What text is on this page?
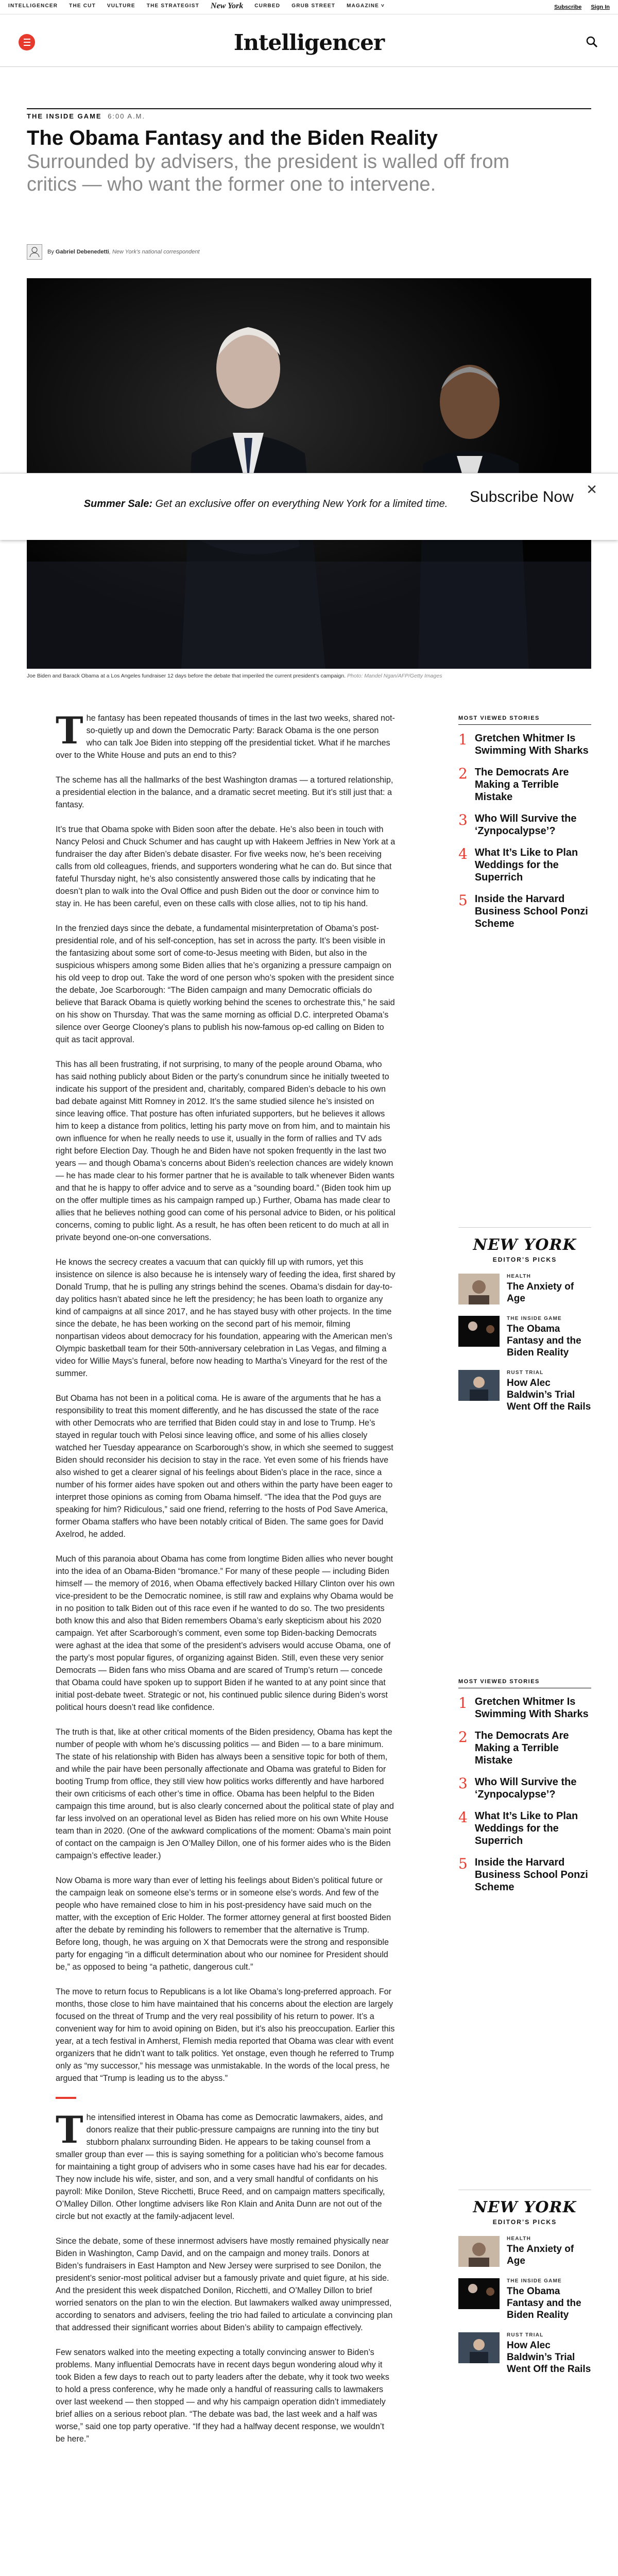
INTELLIGENCER THE CUT VULTURE THE STRATEGIST New York CURBED GRUB STREET MAGAZINE ˅	Subscribe Sign In
Intelligencer
THE INSIDE GAME 6:00 A.M.
The Obama Fantasy and the Biden Reality
Surrounded by advisers, the president is walled off from critics — who want the former one to intervene.
By Gabriel Debenedetti, New York’s national correspondent
Summer Sale: Get an exclusive offer on everything New York for a limited time.	Subscribe Now ✕
Joe Biden and Barack Obama at a Los Angeles fundraiser 12 days before the debate that imperiled the current president’s campaign. Photo: Mandel Ngan/AFP/Getty Images

The fantasy has been repeated thousands of times in the last two weeks, shared not-so-quietly up and down the Democratic Party: Barack Obama is the one person who can talk Joe Biden into stepping off the presidential ticket. What if he marches over to the White House and puts an end to this?

The scheme has all the hallmarks of the best Washington dramas — a tortured relationship, a presidential election in the balance, and a dramatic secret meeting. But it’s still just that: a fantasy.

It’s true that Obama spoke with Biden soon after the debate. He’s also been in touch with Nancy Pelosi and Chuck Schumer and has caught up with Hakeem Jeffries in New York at a fundraiser the day after Biden’s debate disaster. For five weeks now, he’s been receiving calls from old colleagues, friends, and supporters wondering what he can do. But since that fateful Thursday night, he’s also consistently answered those calls by indicating that he doesn’t plan to walk into the Oval Office and push Biden out the door or convince him to stay in. He has been careful, even on these calls with close allies, not to tip his hand.

In the frenzied days since the debate, a fundamental misinterpretation of Obama’s post-presidential role, and of his self-conception, has set in across the party. It’s been visible in the fantasizing about some sort of come-to-Jesus meeting with Biden, but also in the suspicious whispers among some Biden allies that he’s organizing a pressure campaign on his old veep to drop out. Take the word of one person who’s spoken with the president since the debate, Joe Scarborough: “The Biden campaign and many Democratic officials do believe that Barack Obama is quietly working behind the scenes to orchestrate this,” he said on his show on Thursday. That was the same morning as official D.C. interpreted Obama’s silence over George Clooney’s plans to publish his now-famous op-ed calling on Biden to quit as tacit approval.

This has all been frustrating, if not surprising, to many of the people around Obama, who has said nothing publicly about Biden or the party’s conundrum since he initially tweeted to indicate his support of the president and, charitably, compared Biden’s debacle to his own bad debate against Mitt Romney in 2012. It’s the same studied silence he’s insisted on since leaving office. That posture has often infuriated supporters, but he believes it allows him to keep a distance from politics, letting his party move on from him, and to maintain his own influence for when he really needs to use it, usually in the form of rallies and TV ads right before Election Day. Though he and Biden have not spoken frequently in the last two years — and though Obama’s concerns about Biden’s reelection chances are widely known — he has made clear to his former partner that he is available to talk whenever Biden wants and that he is happy to offer advice and to serve as a “sounding board.” (Biden took him up on the offer multiple times as his campaign ramped up.) Further, Obama has made clear to allies that he believes nothing good can come of his personal advice to Biden, or his political concerns, coming to public light. As a result, he has often been reticent to do much at all in private beyond one-on-one conversations.

He knows the secrecy creates a vacuum that can quickly fill up with rumors, yet this insistence on silence is also because he is intensely wary of feeding the idea, first shared by Donald Trump, that he is pulling any strings behind the scenes. Obama’s disdain for day-to-day politics hasn’t abated since he left the presidency; he has been loath to organize any kind of campaigns at all since 2017, and he has stayed busy with other projects. In the time since the debate, he has been working on the second part of his memoir, filming nonpartisan videos about democracy for his foundation, appearing with the American men’s Olympic basketball team for their 50th-anniversary celebration in Las Vegas, and filming a video for Willie Mays’s funeral, before now heading to Martha’s Vineyard for the rest of the summer.

But Obama has not been in a political coma. He is aware of the arguments that he has a responsibility to treat this moment differently, and he has discussed the state of the race with other Democrats who are terrified that Biden could stay in and lose to Trump. He’s stayed in regular touch with Pelosi since leaving office, and some of his allies closely watched her Tuesday appearance on Scarborough’s show, in which she seemed to suggest Biden should reconsider his decision to stay in the race. Yet even some of his friends have also wished to get a clearer signal of his feelings about Biden’s place in the race, since a number of his former aides have spoken out and others within the party have been eager to interpret those opinions as coming from Obama himself. “The idea that the Pod guys are speaking for him? Ridiculous,” said one friend, referring to the hosts of Pod Save America, former Obama staffers who have been notably critical of Biden. The same goes for David Axelrod, he added.

Much of this paranoia about Obama has come from longtime Biden allies who never bought into the idea of an Obama-Biden “bromance.” For many of these people — including Biden himself — the memory of 2016, when Obama effectively backed Hillary Clinton over his own vice-president to be the Democratic nominee, is still raw and explains why Obama would be in no position to talk Biden out of this race even if he wanted to do so. The two presidents both know this and also that Biden remembers Obama’s early skepticism about his 2020 campaign. Yet after Scarborough’s comment, even some top Biden-backing Democrats were aghast at the idea that some of the president’s advisers would accuse Obama, one of the party’s most popular figures, of organizing against Biden. Still, even these very senior Democrats — Biden fans who miss Obama and are scared of Trump’s return — concede that Obama could have spoken up to support Biden if he wanted to at any point since that initial post-debate tweet. Strategic or not, his continued public silence during Biden’s worst political hours doesn’t read like confidence.

The truth is that, like at other critical moments of the Biden presidency, Obama has kept the number of people with whom he’s discussing politics — and Biden — to a bare minimum. The state of his relationship with Biden has always been a sensitive topic for both of them, and while the pair have been personally affectionate and Obama was grateful to Biden for booting Trump from office, they still view how politics works differently and have harbored their own criticisms of each other’s time in office. Obama has been helpful to the Biden campaign this time around, but is also clearly concerned about the political state of play and far less involved on an operational level as Biden has relied more on his own White House team than in 2020. (One of the awkward complications of the moment: Obama’s main point of contact on the campaign is Jen O’Malley Dillon, one of his former aides who is the Biden campaign’s effective leader.)

Now Obama is more wary than ever of letting his feelings about Biden’s political future or the campaign leak on someone else’s terms or in someone else’s words. And few of the people who have remained close to him in his post-presidency have said much on the matter, with the exception of Eric Holder. The former attorney general at first boosted Biden after the debate by reminding his followers to remember that the alternative is Trump. Before long, though, he was arguing on X that Democrats were the strong and responsible party for engaging “in a difficult determination about who our nominee for President should be,” as opposed to being “a pathetic, dangerous cult.”

The move to return focus to Republicans is a lot like Obama’s long-preferred approach. For months, those close to him have maintained that his concerns about the election are largely focused on the threat of Trump and the very real possibility of his return to power. It’s a convenient way for him to avoid opining on Biden, but it’s also his preoccupation. Earlier this year, at a tech festival in Amherst, Flemish media reported that Obama was clear with event organizers that he didn’t want to talk politics. Yet onstage, even though he referred to Trump only as “my successor,” his message was unmistakable. In the words of the local press, he argued that “Trump is leading us to the abyss.”

The intensified interest in Obama has come as Democratic lawmakers, aides, and donors realize that their public-pressure campaigns are running into the tiny but stubborn phalanx surrounding Biden. He appears to be taking counsel from a smaller group than ever — this is saying something for a politician who’s become famous for maintaining a tight group of advisers who in some cases have had his ear for decades. They now include his wife, sister, and son, and a very small handful of confidants on his payroll: Mike Donilon, Steve Ricchetti, Bruce Reed, and on campaign matters specifically, O’Malley Dillon. Other longtime advisers like Ron Klain and Anita Dunn are not out of the circle but not exactly at the family-adjacent level.

Since the debate, some of these innermost advisers have mostly remained physically near Biden in Washington, Camp David, and on the campaign and money trails. Donors at Biden’s fundraisers in East Hampton and New Jersey were surprised to see Donilon, the president’s senior-most political adviser but a famously private and quiet figure, at his side. And the president this week dispatched Donilon, Ricchetti, and O’Malley Dillon to brief worried senators on the plan to win the election. But lawmakers walked away unimpressed, according to senators and advisers, feeling the trio had failed to articulate a convincing plan that addressed their significant worries about Biden’s ability to campaign effectively.

Few senators walked into the meeting expecting a totally convincing answer to Biden’s problems. Many influential Democrats have in recent days begun wondering aloud why it took Biden a few days to reach out to party leaders after the debate, why it took two weeks to hold a press conference, why he made only a handful of reassuring calls to lawmakers over last weekend — then stopped — and why his campaign operation didn’t immediately brief allies on a serious reboot plan. “The debate was bad, the last week and a half was worse,” said one top party operative. “If they had a halfway decent response, we wouldn’t be here.”

MOST VIEWED STORIES
1 Gretchen Whitmer Is Swimming With Sharks
2 The Democrats Are Making a Terrible Mistake
3 Who Will Survive the ‘Zynpocalypse’?
4 What It’s Like to Plan Weddings for the Superrich
5 Inside the Harvard Business School Ponzi Scheme
NEW YORK
EDITOR’S PICKS
HEALTH
The Anxiety of Age
THE INSIDE GAME
The Obama Fantasy and the Biden Reality
RUST TRIAL
How Alec Baldwin’s Trial Went Off the Rails
MOST VIEWED STORIES
1 Gretchen Whitmer Is Swimming With Sharks
2 The Democrats Are Making a Terrible Mistake
3 Who Will Survive the ‘Zynpocalypse’?
4 What It’s Like to Plan Weddings for the Superrich
5 Inside the Harvard Business School Ponzi Scheme
NEW YORK
EDITOR’S PICKS
HEALTH
The Anxiety of Age
THE INSIDE GAME
The Obama Fantasy and the Biden Reality
RUST TRIAL
How Alec Baldwin’s Trial Went Off the Rails
